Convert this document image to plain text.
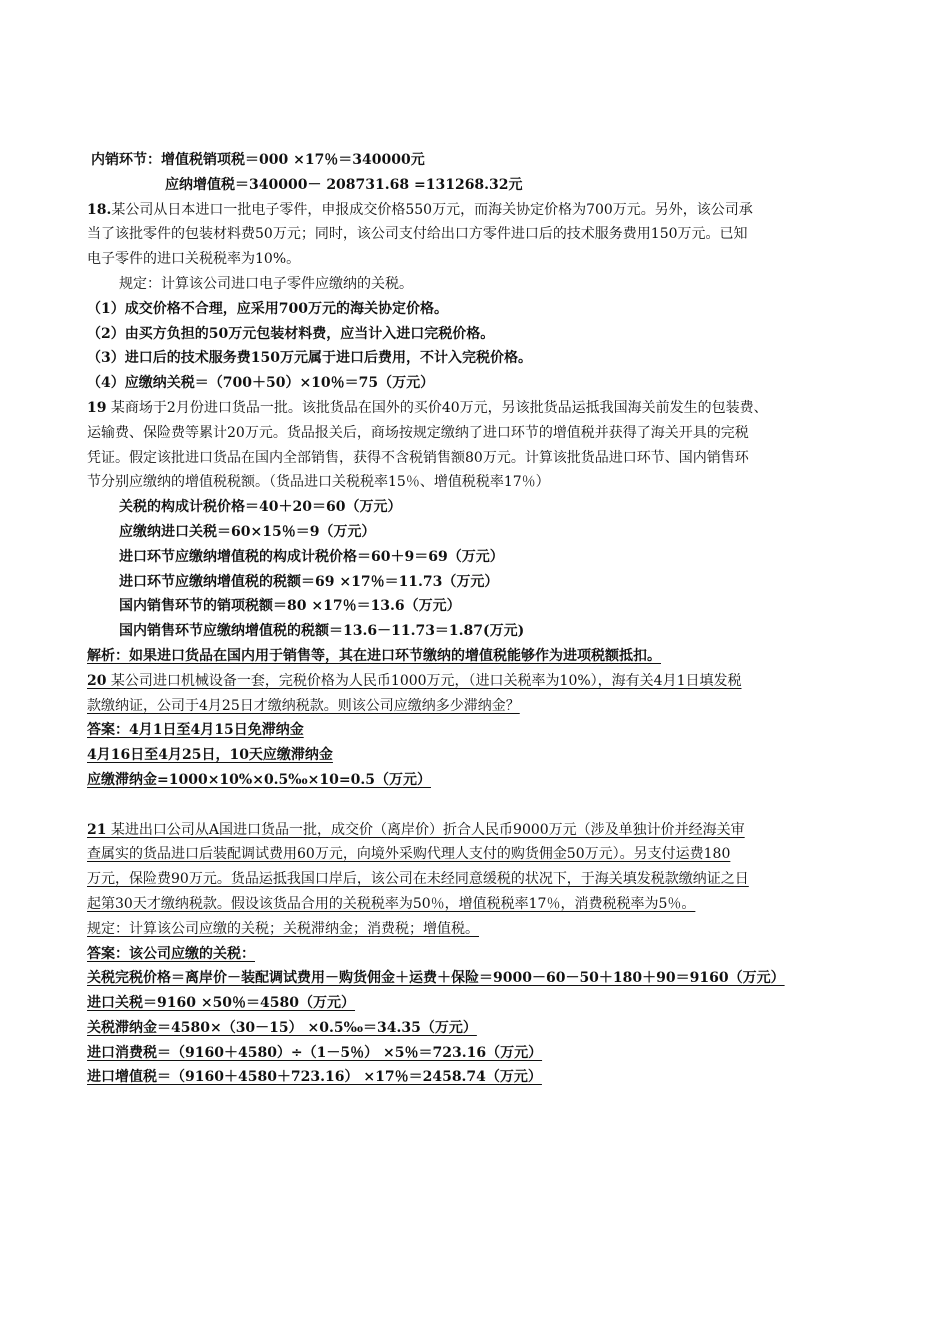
内销环节：增值税销项税＝000 ×17％＝340000元

应纳增值税＝340000－ 208731.68 =131268.32元

18.某公司从日本进口一批电子零件，申报成交价格550万元，而海关协定价格为700万元。另外，该公司承

当了该批零件的包装材料费50万元；同时，该公司支付给出口方零件进口后的技术服务费用150万元。已知

电子零件的进口关税税率为10%。

规定：计算该公司进口电子零件应缴纳的关税。

（1）成交价格不合理，应采用700万元的海关协定价格。

（2）由买方负担的50万元包装材料费，应当计入进口完税价格。

（3）进口后的技术服务费150万元属于进口后费用，不计入完税价格。

（4）应缴纳关税＝（700＋50）×10％＝75（万元）

19 某商场于2月份进口货品一批。该批货品在国外的买价40万元，另该批货品运抵我国海关前发生的包装费、

运输费、保险费等累计20万元。货品报关后，商场按规定缴纳了进口环节的增值税并获得了海关开具的完税

凭证。假定该批进口货品在国内全部销售，获得不含税销售额80万元。计算该批货品进口环节、国内销售环

节分别应缴纳的增值税税额。（货品进口关税税率15％、增值税税率17％）

关税的构成计税价格＝40＋20＝60（万元）

应缴纳进口关税＝60×15％＝9（万元）

进口环节应缴纳增值税的构成计税价格＝60＋9＝69（万元）

进口环节应缴纳增值税的税额＝69 ×17％＝11.73（万元）

国内销售环节的销项税额＝80 ×17％＝13.6（万元）

国内销售环节应缴纳增值税的税额＝13.6－11.73＝1.87(万元)

解析：如果进口货品在国内用于销售等，其在进口环节缴纳的增值税能够作为进项税额抵扣。

20 某公司进口机械设备一套，完税价格为人民币1000万元，（进口关税率为10%），海有关4月1日填发税

款缴纳证，公司于4月25日才缴纳税款。则该公司应缴纳多少滞纳金？

答案：4月1日至4月15日免滞纳金

4月16日至4月25日，10天应缴滞纳金

应缴滞纳金=1000×10%×0.5‰×10=0.5（万元）

21 某进出口公司从A国进口货品一批，成交价（离岸价）折合人民币9000万元（涉及单独计价并经海关审

查属实的货品进口后装配调试费用60万元，向境外采购代理人支付的购货佣金50万元）。另支付运费180

万元，保险费90万元。货品运抵我国口岸后，该公司在未经同意缓税的状况下，于海关填发税款缴纳证之日

起第30天才缴纳税款。假设该货品合用的关税税率为50％，增值税税率17％，消费税税率为5％。

规定：计算该公司应缴的关税；关税滞纳金；消费税；增值税。

答案：该公司应缴的关税：

关税完税价格＝离岸价－装配调试费用－购货佣金＋运费＋保险＝9000－60－50＋180＋90＝9160（万元）

进口关税＝9160 ×50％＝4580（万元）

关税滞纳金＝4580×（30－15） ×0.5‰＝34.35（万元）

进口消费税＝（9160＋4580）÷（1－5％） ×5％＝723.16（万元）

进口增值税＝（9160＋4580＋723.16） ×17％＝2458.74（万元）
